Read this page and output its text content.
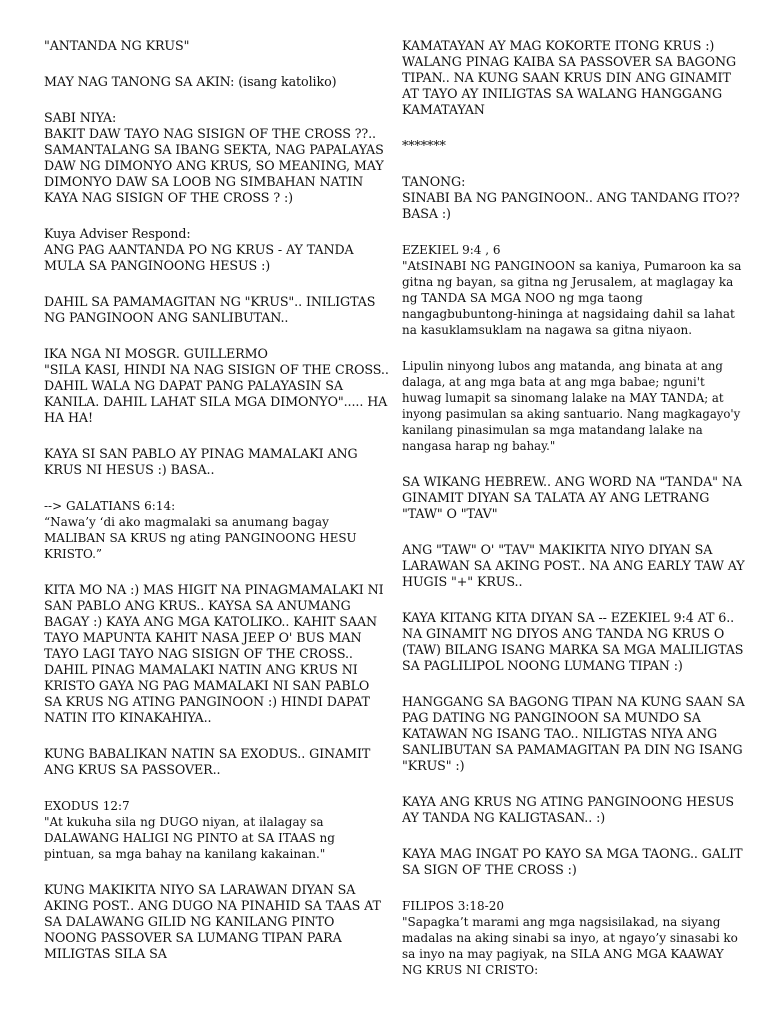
"ANTANDA NG KRUS"

MAY NAG TANONG SA AKIN: (isang katoliko)

SABI NIYA:
BAKIT DAW TAYO NAG SISIGN OF THE CROSS ??.. SAMANTALANG SA IBANG SEKTA, NAG PAPALAYAS DAW NG DIMONYO ANG KRUS, SO MEANING, MAY DIMONYO DAW SA LOOB NG SIMBAHAN NATIN KAYA NAG SISIGN OF THE CROSS ? :)

Kuya Adviser Respond:
ANG PAG AANTANDA PO NG KRUS - AY TANDA MULA SA PANGINOONG HESUS :)

DAHIL SA PAMAMAGITAN NG "KRUS".. INILIGTAS NG PANGINOON ANG SANLIBUTAN..

IKA NGA NI MOSGR. GUILLERMO
"SILA KASI, HINDI NA NAG SISIGN OF THE CROSS.. DAHIL WALA NG DAPAT PANG PALAYASIN SA KANILA. DAHIL LAHAT SILA MGA DIMONYO"..... HA HA HA!

KAYA SI SAN PABLO AY PINAG MAMALAKI ANG KRUS NI HESUS :) BASA..

--> GALATIANS 6:14:
“Nawa’y ‘di ako magmalaki sa anumang bagay MALIBAN SA KRUS ng ating PANGINOONG HESU KRISTO.”

KITA MO NA :) MAS HIGIT NA PINAGMAMALAKI NI SAN PABLO ANG KRUS.. KAYSA SA ANUMANG BAGAY :) KAYA ANG MGA KATOLIKO.. KAHIT SAAN TAYO MAPUNTA KAHIT NASA JEEP O' BUS MAN TAYO LAGI TAYO NAG SISIGN OF THE CROSS.. DAHIL PINAG MAMALAKI NATIN ANG KRUS NI KRISTO GAYA NG PAG MAMALAKI NI SAN PABLO SA KRUS NG ATING PANGINOON :) HINDI DAPAT NATIN ITO KINAKAHIYA..

KUNG BABALIKAN NATIN SA EXODUS.. GINAMIT ANG KRUS SA PASSOVER..

EXODUS 12:7
"At kukuha sila ng DUGO niyan, at ilalagay sa DALAWANG HALIGI NG PINTO at SA ITAAS ng pintuan, sa mga bahay na kanilang kakainan."

KUNG MAKIKITA NIYO SA LARAWAN DIYAN SA AKING POST.. ANG DUGO NA PINAHID SA TAAS AT SA DALAWANG GILID NG KANILANG PINTO NOONG PASSOVER SA LUMANG TIPAN PARA MILIGTAS SILA SA

KAMATAYAN AY MAG KOKORTE ITONG KRUS :) WALANG PINAG KAIBA SA PASSOVER SA BAGONG TIPAN.. NA KUNG SAAN KRUS DIN ANG GINAMIT AT TAYO AY INILIGTAS SA WALANG HANGGANG KAMATAYAN

*******

TANONG:
SINABI BA NG PANGINOON.. ANG TANDANG ITO?? BASA :)

EZEKIEL 9:4 , 6
"AtSINABI NG PANGINOON sa kaniya, Pumaroon ka sa gitna ng bayan, sa gitna ng Jerusalem, at maglagay ka ng TANDA SA MGA NOO ng mga taong nangagbubuntong-hininga at nagsidaing dahil sa lahat na kasuklamsuklam na nagawa sa gitna niyaon.

Lipulin ninyong lubos ang matanda, ang binata at ang dalaga, at ang mga bata at ang mga babae; nguni't huwag lumapit sa sinomang lalake na MAY TANDA; at inyong pasimulan sa aking santuario. Nang magkagayo'y kanilang pinasimulan sa mga matandang lalake na nangasa harap ng bahay."

SA WIKANG HEBREW.. ANG WORD NA "TANDA" NA GINAMIT DIYAN SA TALATA AY ANG LETRANG "TAW" O "TAV"

ANG "TAW" O' "TAV" MAKIKITA NIYO DIYAN SA LARAWAN SA AKING POST.. NA ANG EARLY TAW AY HUGIS "+" KRUS..

KAYA KITANG KITA DIYAN SA -- EZEKIEL 9:4 AT 6.. NA GINAMIT NG DIYOS ANG TANDA NG KRUS O (TAW) BILANG ISANG MARKA SA MGA MALILIGTAS SA PAGLILIPOL NOONG LUMANG TIPAN :)

HANGGANG SA BAGONG TIPAN NA KUNG SAAN SA PAG DATING NG PANGINOON SA MUNDO SA KATAWAN NG ISANG TAO.. NILIGTAS NIYA ANG SANLIBUTAN SA PAMAMAGITAN PA DIN NG ISANG "KRUS" :)

KAYA ANG KRUS NG ATING PANGINOONG HESUS AY TANDA NG KALIGTASAN.. :)

KAYA MAG INGAT PO KAYO SA MGA TAONG.. GALIT SA SIGN OF THE CROSS :)

FILIPOS 3:18-20
"Sapagka’t marami ang mga nagsisilakad, na siyang madalas na aking sinabi sa inyo, at ngayo’y sinasabi ko sa inyo na may pagiyak, na SILA ANG MGA KAAWAY NG KRUS NI CRISTO:
